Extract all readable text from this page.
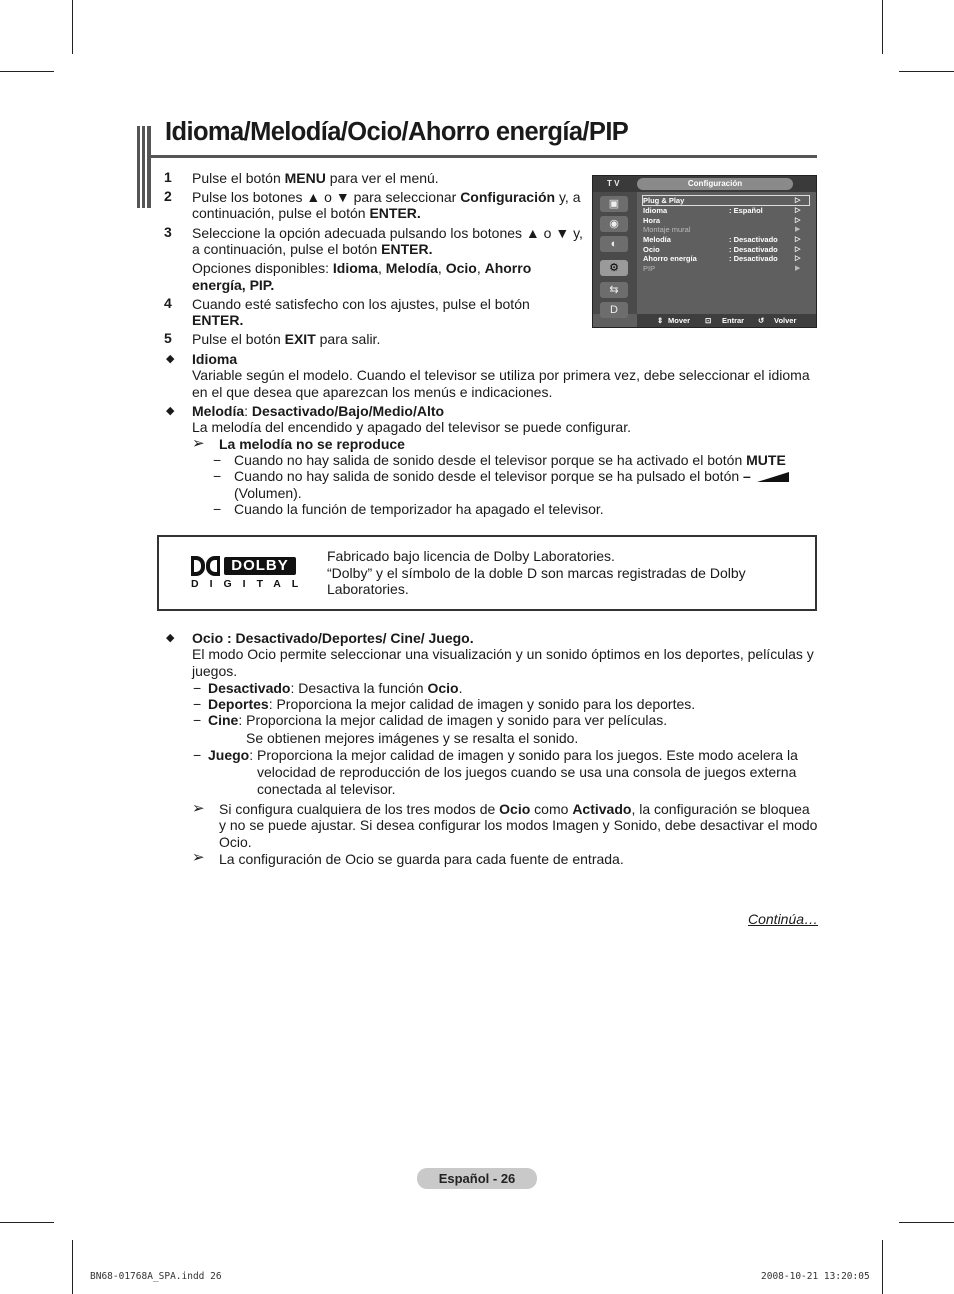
Idioma/Melodía/Ocio/Ahorro energía/PIP
1 Pulse el botón MENU para ver el menú.
2 Pulse los botones ▲ o ▼ para seleccionar Configuración y, a
continuación, pulse el botón ENTER.
3 Seleccione la opción adecuada pulsando los botones ▲ o ▼ y,
a continuación, pulse el botón ENTER.
Opciones disponibles: Idioma, Melodía, Ocio, Ahorro
energía, PIP.
4 Cuando esté satisfecho con los ajustes, pulse el botón
ENTER.
5 Pulse el botón EXIT para salir.
T V	Configuración
▣
◉
◐
⚙
⇆
D
Plug & Play	▷
Idioma	: Español	▷
Hora	▷
Montaje mural	▶
Melodía	: Desactivado ▷
Ocio	: Desactivado ▷
Ahorro energía	: Desactivado ▷
PIP	▶
⇕ Mover ⊡ Entrar ↺ Volver
◆ Idioma
Variable según el modelo. Cuando el televisor se utiliza por primera vez, debe seleccionar el idioma
en el que desea que aparezcan los menús e indicaciones.
◆ Melodía: Desactivado/Bajo/Medio/Alto
La melodía del encendido y apagado del televisor se puede configurar.
➢ La melodía no se reproduce
− Cuando no hay salida de sonido desde el televisor porque se ha activado el botón MUTE
− Cuando no hay salida de sonido desde el televisor porque se ha pulsado el botón –
(Volumen).
− Cuando la función de temporizador ha apagado el televisor.
DOLBY
DIGITAL
Fabricado bajo licencia de Dolby Laboratories.
“Dolby” y el símbolo de la doble D son marcas registradas de Dolby
Laboratories.
◆ Ocio : Desactivado/Deportes/ Cine/ Juego.
El modo Ocio permite seleccionar una visualización y un sonido óptimos en los deportes, películas y
juegos.
− Desactivado: Desactiva la función Ocio.
− Deportes: Proporciona la mejor calidad de imagen y sonido para los deportes.
− Cine: Proporciona la mejor calidad de imagen y sonido para ver películas.
Se obtienen mejores imágenes y se resalta el sonido.
− Juego: Proporciona la mejor calidad de imagen y sonido para los juegos. Este modo acelera la
velocidad de reproducción de los juegos cuando se usa una consola de juegos externa
conectada al televisor.
➢ Si configura cualquiera de los tres modos de Ocio como Activado, la configuración se bloquea
y no se puede ajustar. Si desea configurar los modos Imagen y Sonido, debe desactivar el modo
Ocio.
➢ La configuración de Ocio se guarda para cada fuente de entrada.
Continúa…
Español - 26
BN68-01768A_SPA.indd 26	2008-10-21 13:20:05
